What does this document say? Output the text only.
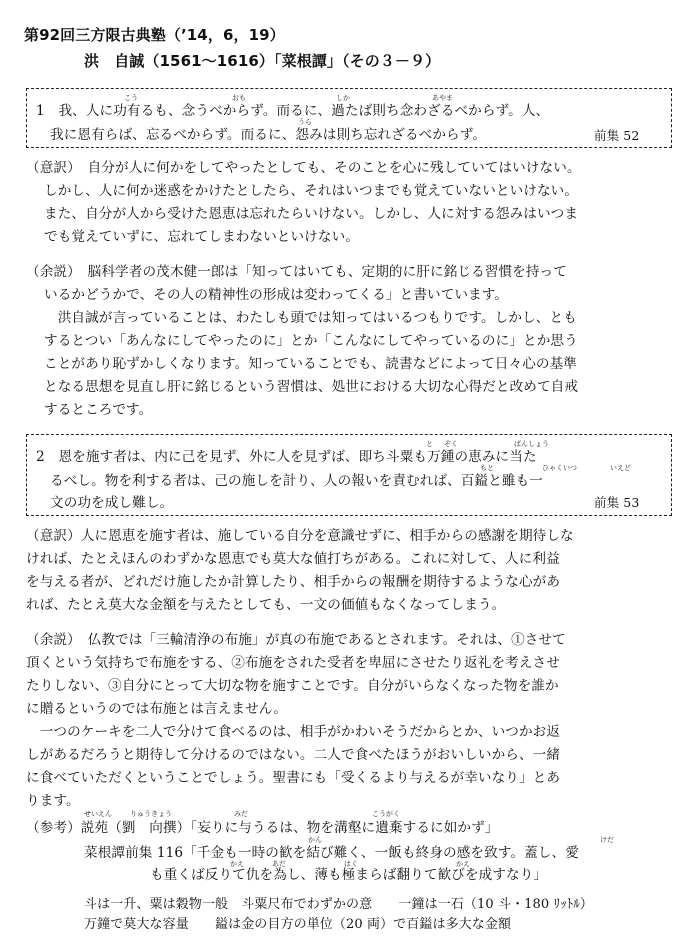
第92回三方限古典塾（’14，6，19）
洪　自誠（1561〜1616）「菜根譚」（その３－９）
こう	おも	しか	あやま
1　我、人に功有るも、念うべからず。而るに、過たば則ち念わざるべからず。人、
うら
我に恩有らば、忘るべからず。而るに、怨みは則ち忘れざるべからず。	前集 52
（意訳）　自分が人に何かをしてやったとしても、そのことを心に残していてはいけない。
しかし、人に何か迷惑をかけたとしたら、それはいつまでも覚えていないといけない。
また、自分が人から受けた恩恵は忘れたらいけない。しかし、人に対する怨みはいつま
でも覚えていずに、忘れてしまわないといけない。
（余説）　脳科学者の茂木健一郎は「知ってはいても、定期的に肝に銘じる習慣を持って
いるかどうかで、その人の精神性の形成は変わってくる」と書いています。
　洪自誠が言っていることは、わたしも頭では知ってはいるつもりです。しかし、とも
するとつい「あんなにしてやったのに」とか「こんなにしてやっているのに」とか思う
ことがあり恥ずかしくなります。知っていることでも、読書などによって日々心の基準
となる思想を見直し肝に銘じるという習慣は、処世における大切な心得だと改めて自戒
するところです。
と ぞく	ばんしょう
2　恩を施す者は、内に己を見ず、外に人を見ずば、即ち斗粟も万鍾の恵みに当た
もと	ひゃくいつ	いえど
るべし。物を利する者は、己の施しを計り、人の報いを責むれば、百鎰と雖も一
文の功を成し難し。	前集 53
（意訳）人に恩恵を施す者は、施している自分を意識せずに、相手からの感謝を期待しな
ければ、たとえほんのわずかな恩恵でも莫大な値打ちがある。これに対して、人に利益
を与える者が、どれだけ施したか計算したり、相手からの報酬を期待するような心があ
れば、たとえ莫大な金額を与えたとしても、一文の価値もなくなってしまう。
（余説）　仏教では「三輪清浄の布施」が真の布施であるとされます。それは、①させて
頂くという気持ちで布施をする、②布施をされた受者を卑屈にさせたり返礼を考えさせ
たりしない、③自分にとって大切な物を施すことです。自分がいらなくなった物を誰か
に贈るというのでは布施とは言えません。
　一つのケーキを二人で分けて食べるのは、相手がかわいそうだからとか、いつかお返
しがあるだろうと期待して分けるのではない。二人で食べたほうがおいしいから、一緒
に食べていただくということでしょう。聖書にも「受くるより与えるが幸いなり」とあ
ります。
せいえん	りゅうきょう	みだ	こうがく
（参考）説苑（劉　向撰）「妄りに与うるは、物を溝壑に遺棄するに如かず」
かん	けだ
菜根譚前集 116「千金も一時の歓を結び難く、一飯も終身の感を致す。蓋し、愛
かえ	あだ	はく	かえ
も重くば反りて仇を為し、薄も極まらば翻りて歓びを成すなり」
斗は一升、粟は穀物一般　斗粟尺布でわずかの意　　一鐘は一石（10 斗・180 ﾘｯﾄﾙ）
万鐘で莫大な容量　　鎰は金の目方の単位（20 両）で百鎰は多大な金額
